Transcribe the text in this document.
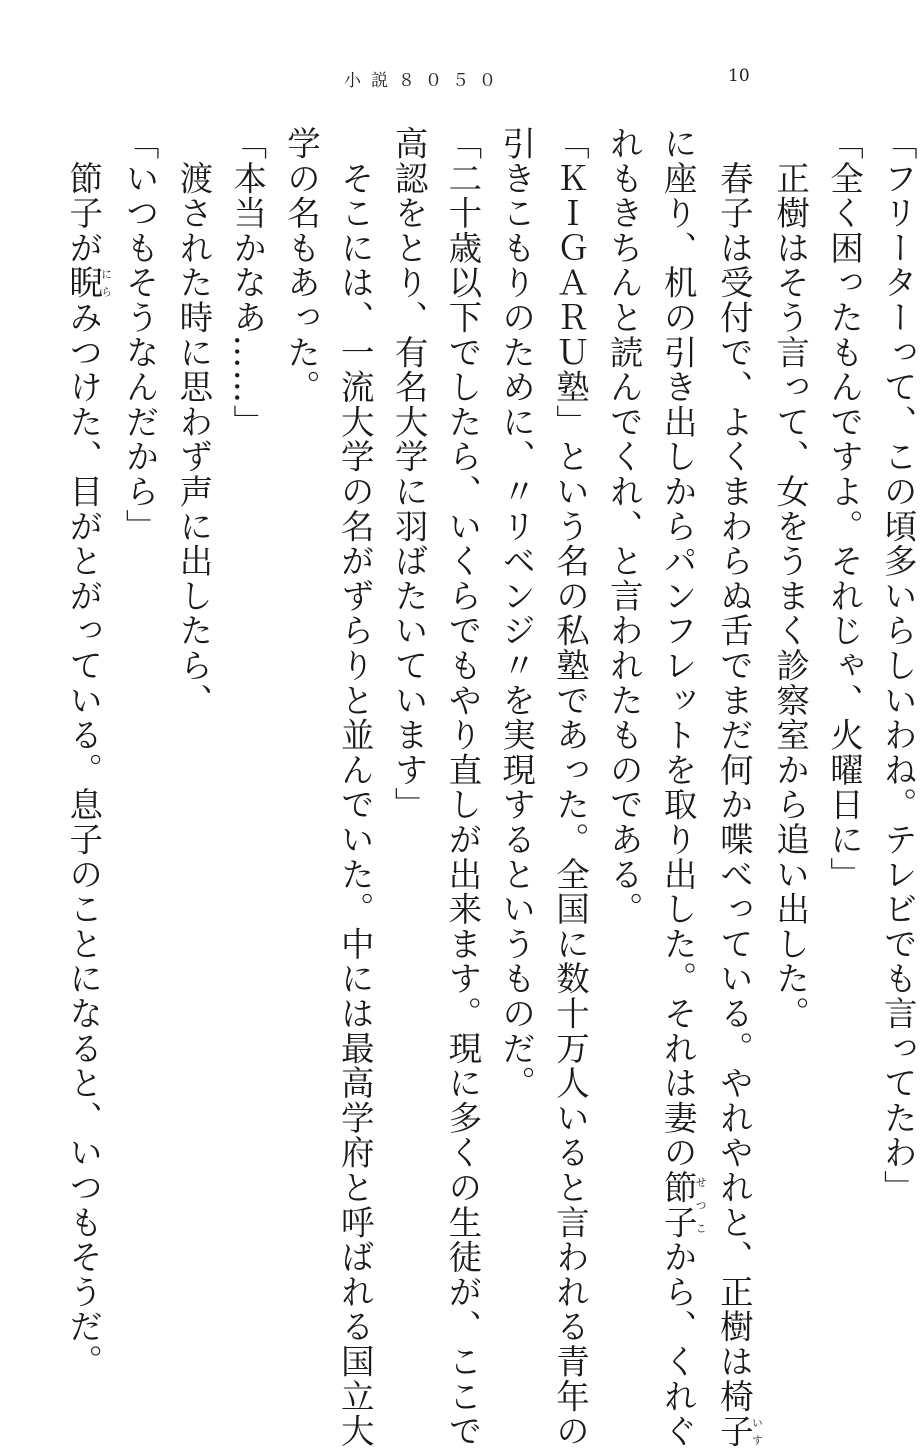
小説８０５０	10
「フリーターって、この頃多いらしいわね。テレビでも言ってたわ」
「全く困ったもんですよ。それじゃ、火曜日に」
　正樹はそう言って、女をうまく診察室から追い出した。
　春子は受付で、よくまわらぬ舌でまだ何か喋べっている。やれやれと、正樹は椅子いす
に座り、机の引き出しからパンフレットを取り出した。それは妻の節子せつこから、くれぐ
れもきちんと読んでくれ、と言われたものである。
「ＫＩＧＡＲＵ塾」という名の私塾であった。全国に数十万人いると言われる青年の
引きこもりのために、〃リベンジ〃を実現するというものだ。
「二十歳以下でしたら、いくらでもやり直しが出来ます。現に多くの生徒が、ここで
高認をとり、有名大学に羽ばたいています」
　そこには、一流大学の名がずらりと並んでいた。中には最高学府と呼ばれる国立大
学の名もあった。
「本当かなあ……」
　渡された時に思わず声に出したら、
「いつもそうなんだから」
　節子が睨にらみつけた、目がとがっている。息子のことになると、いつもそうだ。
